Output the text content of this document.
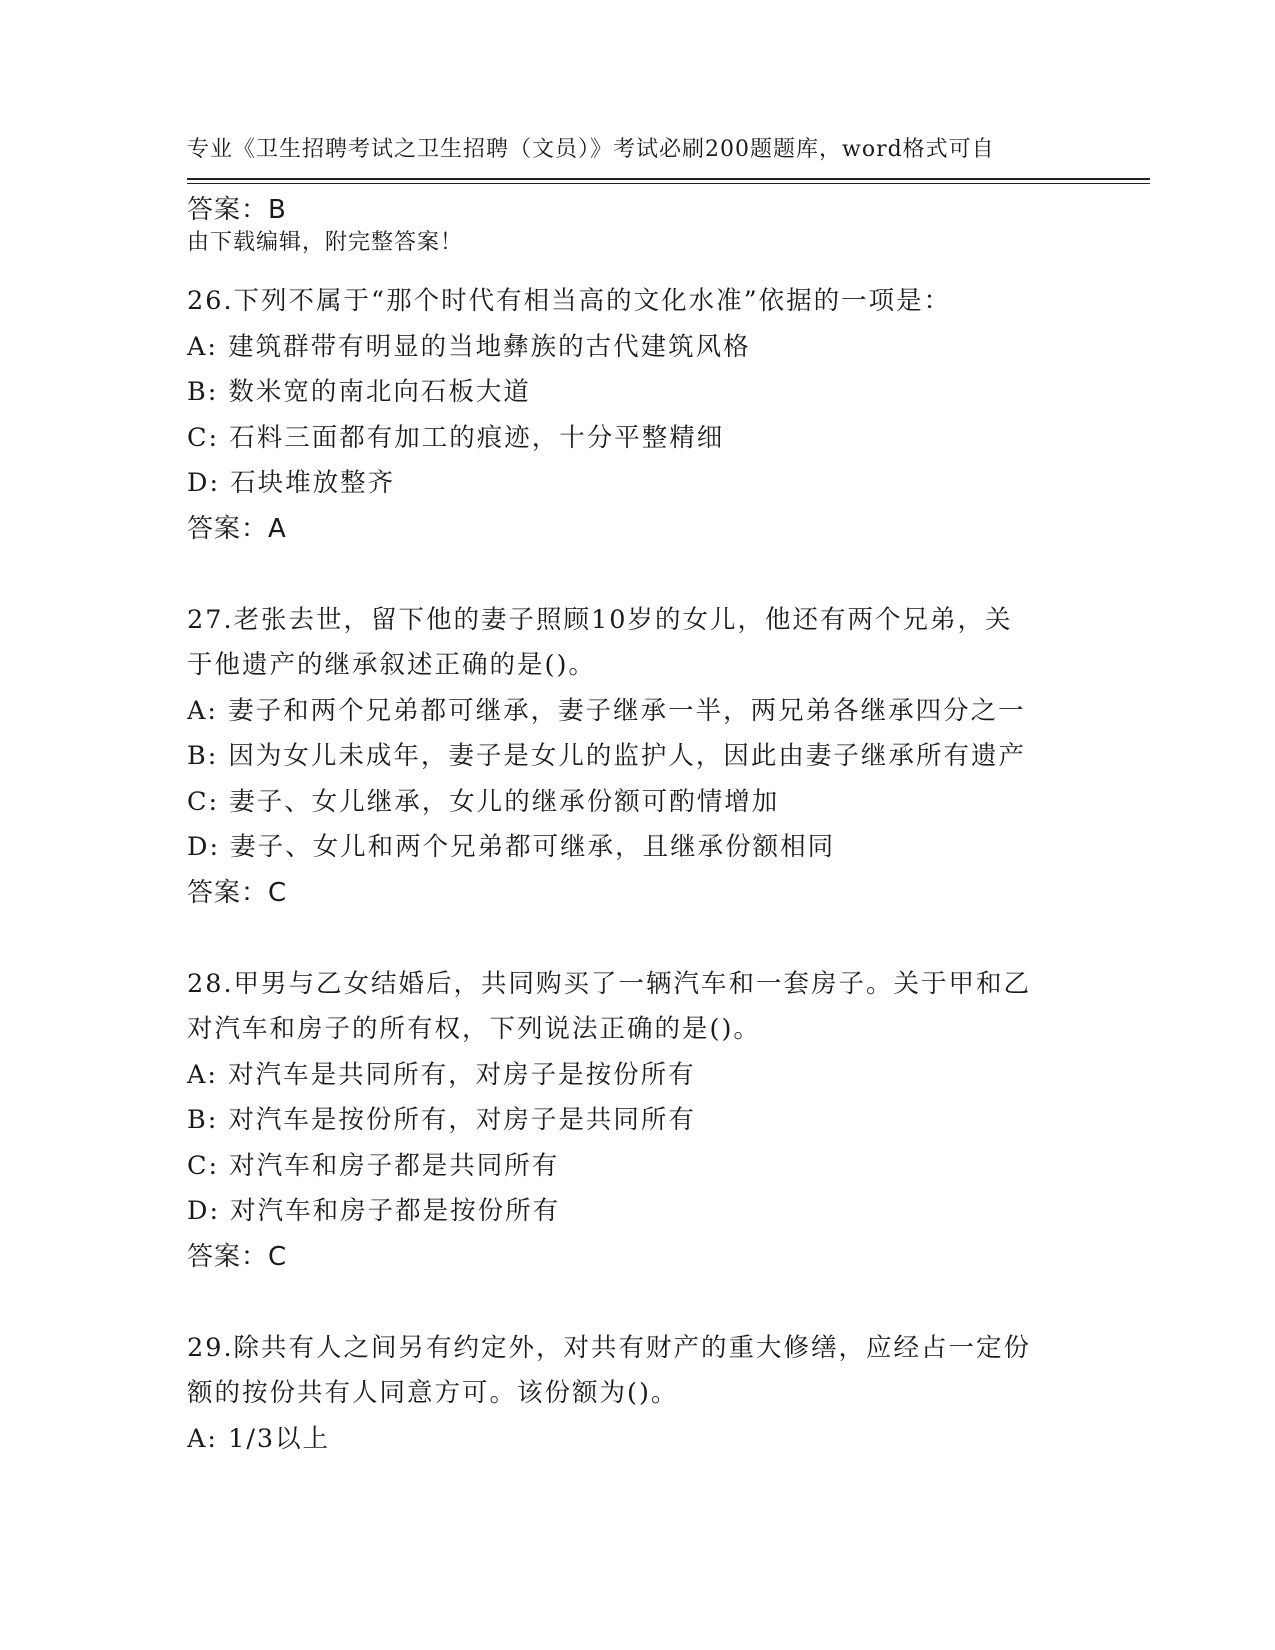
专业《卫生招聘考试之卫生招聘（文员）》考试必刷200题题库，word格式可自

由下载编辑，附完整答案！

答案：B
26.下列不属于“那个时代有相当高的文化水准”依据的一项是：
A: 建筑群带有明显的当地彝族的古代建筑风格
B: 数米宽的南北向石板大道
C: 石料三面都有加工的痕迹，十分平整精细
D: 石块堆放整齐
答案：A
27.老张去世，留下他的妻子照顾10岁的女儿，他还有两个兄弟，关
于他遗产的继承叙述正确的是()。
A: 妻子和两个兄弟都可继承，妻子继承一半，两兄弟各继承四分之一
B: 因为女儿未成年，妻子是女儿的监护人，因此由妻子继承所有遗产
C: 妻子、女儿继承，女儿的继承份额可酌情增加
D: 妻子、女儿和两个兄弟都可继承，且继承份额相同
答案：C
28.甲男与乙女结婚后，共同购买了一辆汽车和一套房子。关于甲和乙
对汽车和房子的所有权，下列说法正确的是()。
A: 对汽车是共同所有，对房子是按份所有
B: 对汽车是按份所有，对房子是共同所有
C: 对汽车和房子都是共同所有
D: 对汽车和房子都是按份所有
答案：C
29.除共有人之间另有约定外，对共有财产的重大修缮，应经占一定份
额的按份共有人同意方可。该份额为()。
A: 1/3以上
